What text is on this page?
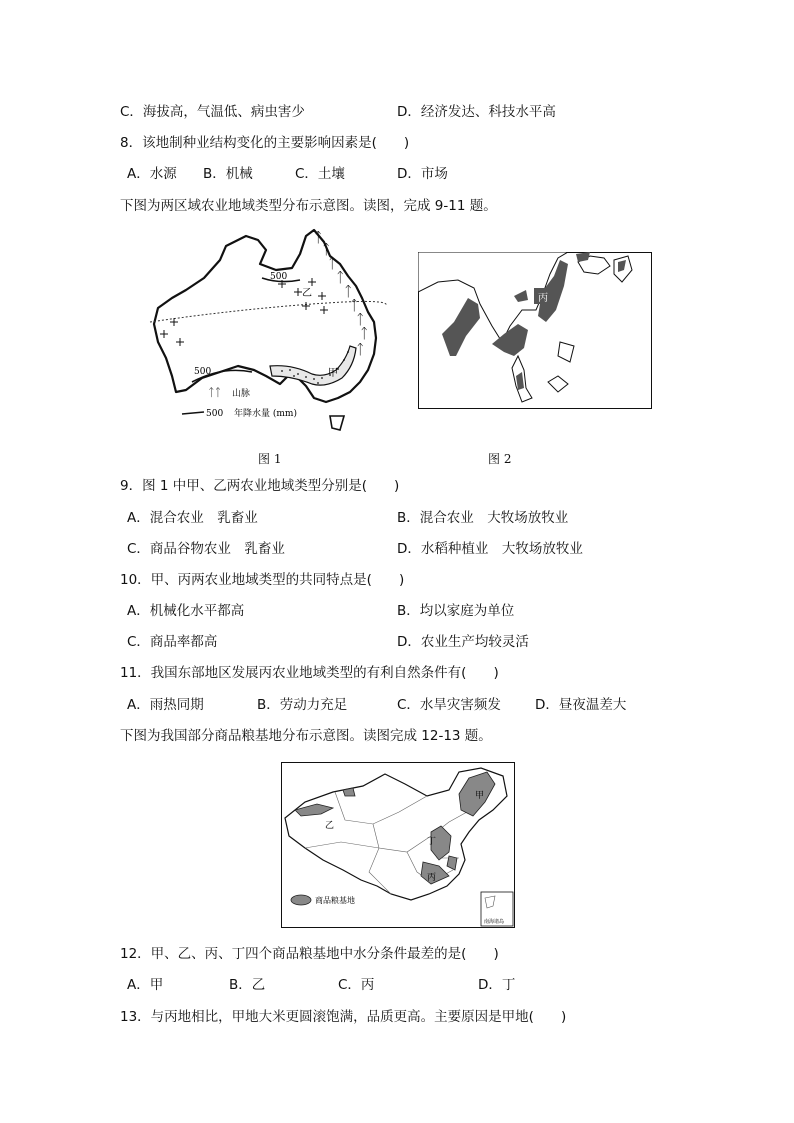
C．海拔高，气温低、病虫害少	D．经济发达、科技水平高
8．该地制种业结构变化的主要影响因素是(　　)
A．水源 B．机械	C．土壤	D．市场
下图为两区域农业地域类型分布示意图。读图，完成 9-11 题。
ᛏ
ᛏ
ᛏ
ᛏ
ᛏ
ᛏ
ᛏ
ᛏ
ᛏ
500
乙
甲
500
ᛏᛏ 山脉
500 年降水量 (mm)
图 1
丙
图 2
9．图 1 中甲、乙两农业地域类型分别是(　　)
A．混合农业　乳畜业	B．混合农业　大牧场放牧业
C．商品谷物农业　乳畜业	D．水稻种植业　大牧场放牧业
10．甲、丙两农业地域类型的共同特点是(　　)
A．机械化水平都高	B．均以家庭为单位
C．商品率都高	D．农业生产均较灵活
11．我国东部地区发展丙农业地域类型的有利自然条件有(　　)
A．雨热同期	B．劳动力充足	C．水旱灾害频发	D．昼夜温差大
下图为我国部分商品粮基地分布示意图。读图完成 12-13 题。
甲
乙
丁
丙
商品粮基地
南海诸岛
12．甲、乙、丙、丁四个商品粮基地中水分条件最差的是(　　)
A．甲	B．乙	C．丙	D．丁
13．与丙地相比，甲地大米更圆滚饱满，品质更高。主要原因是甲地(　　)
